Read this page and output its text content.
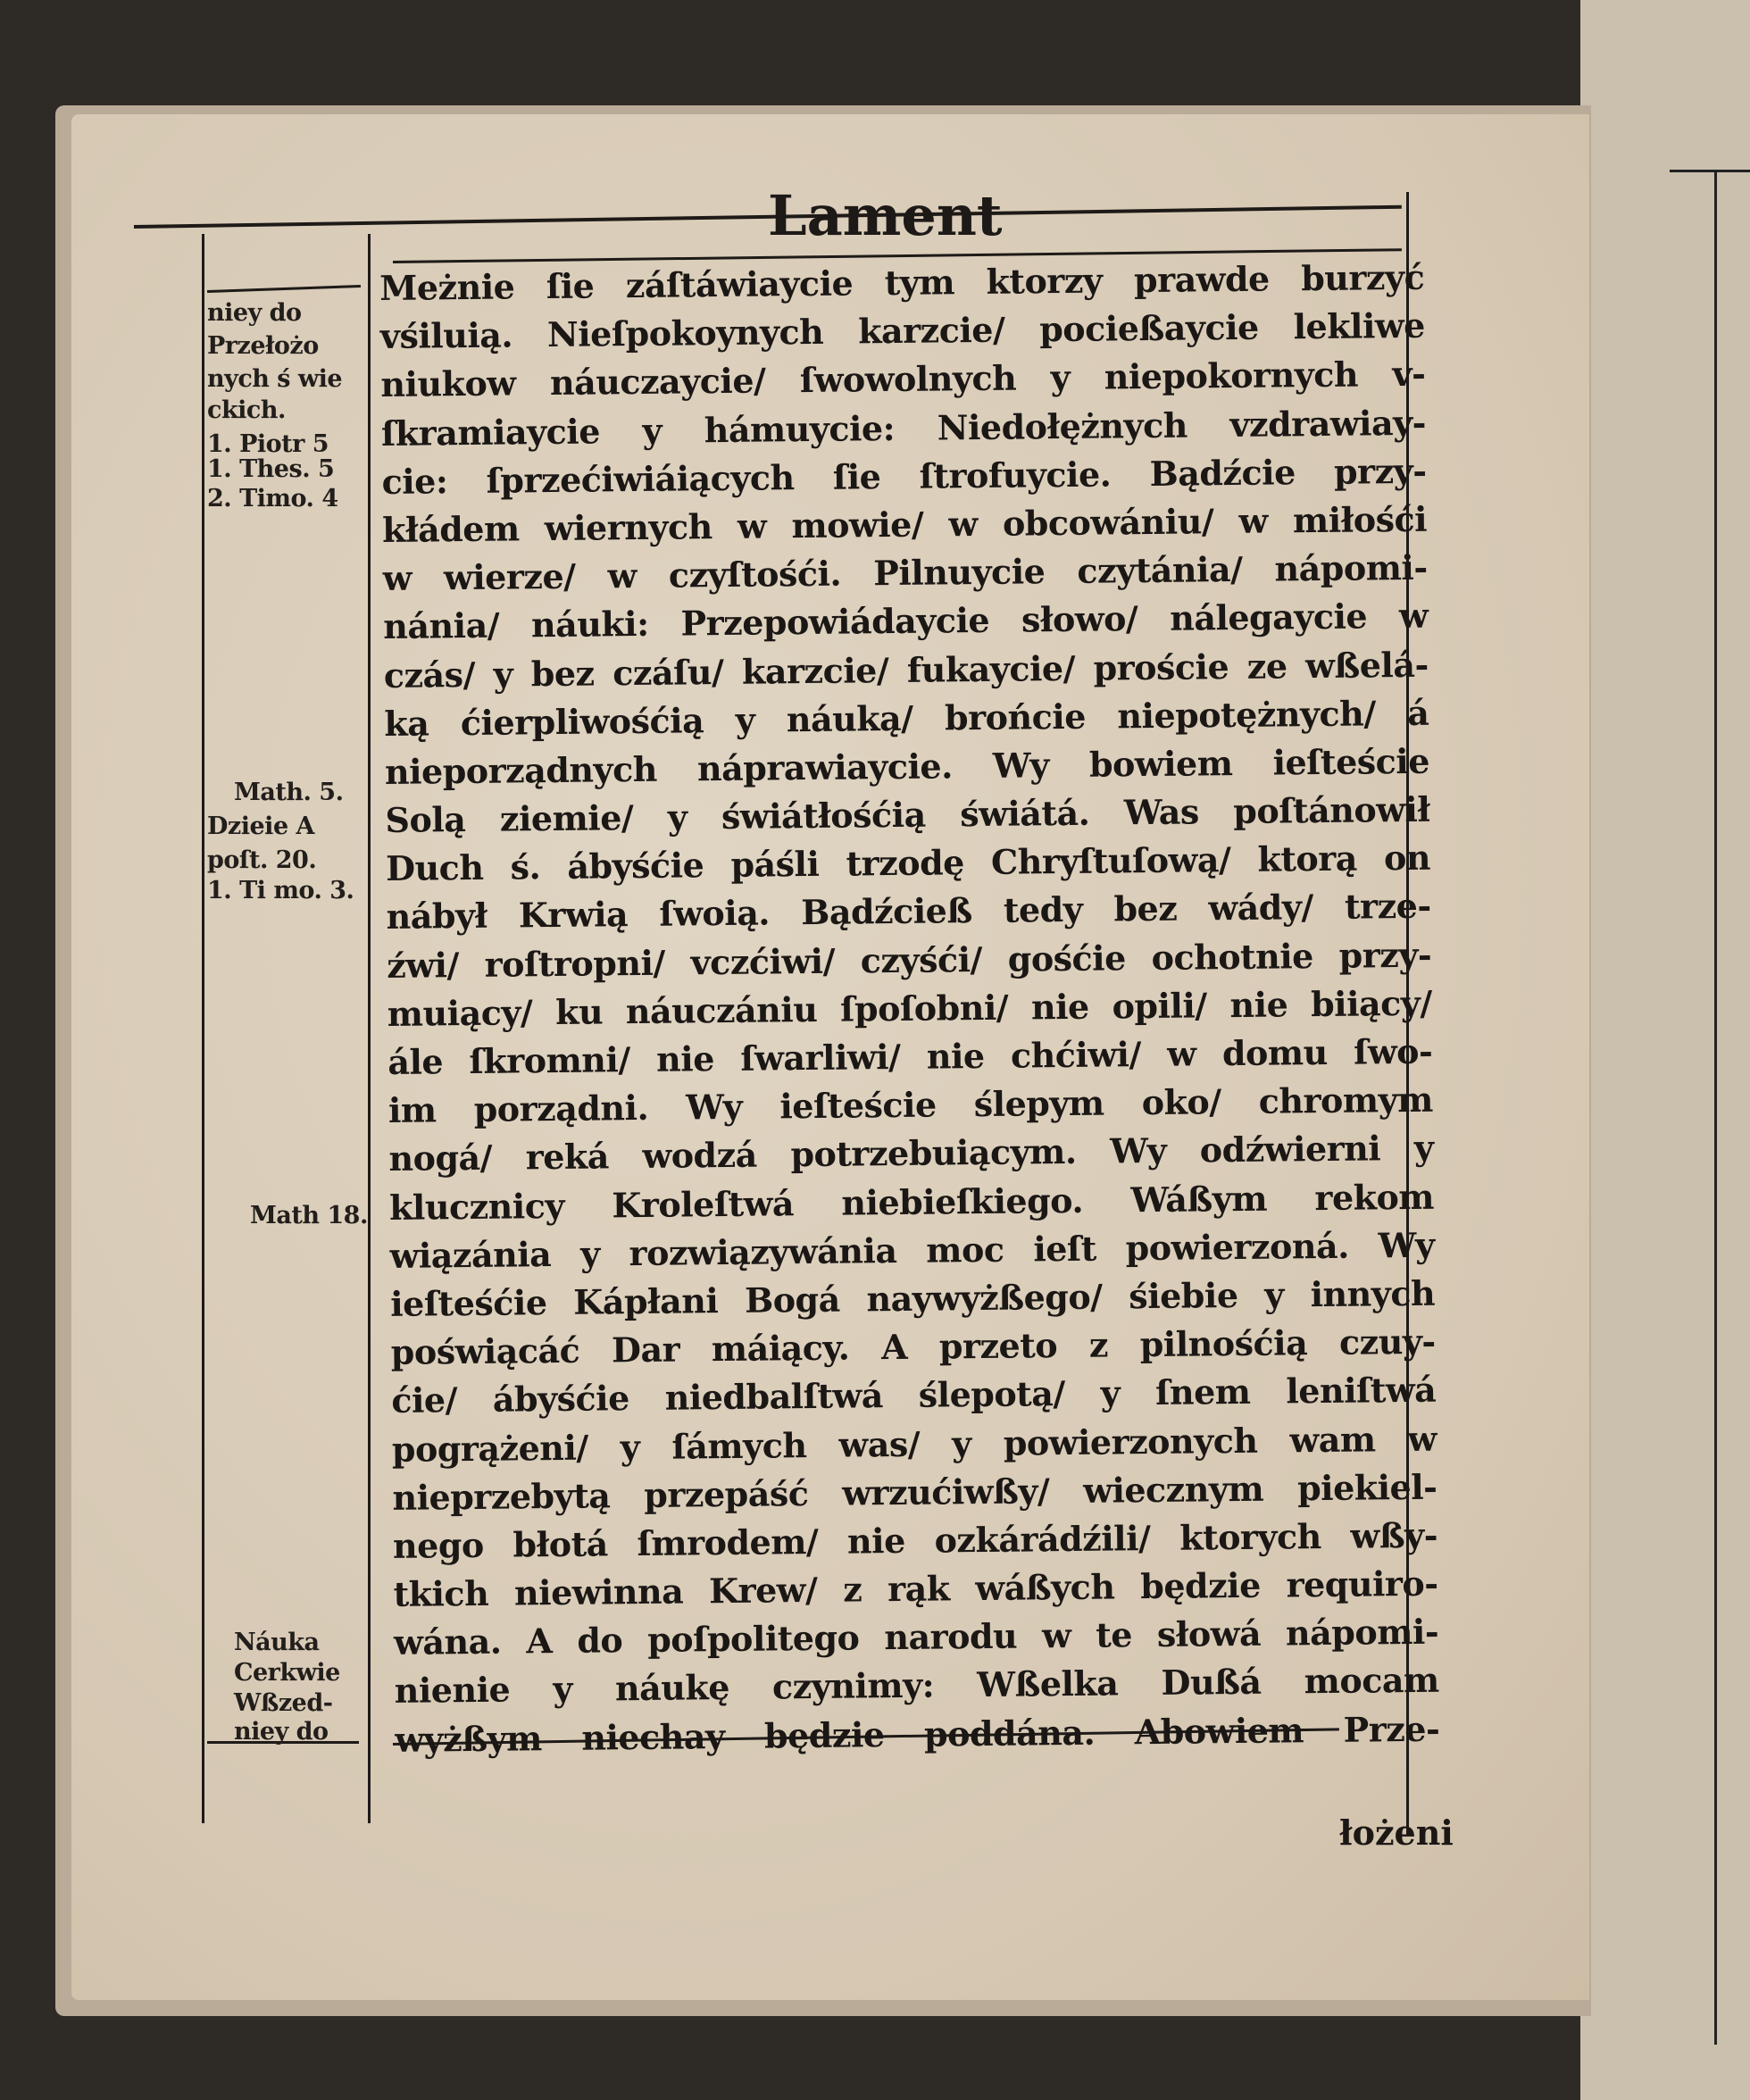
Lament
Meżnie ſie záſtáwiaycie tym ktorzy prawde burzyć
vśiluią. Nieſpokoynych karzcie/ pocießaycie lekliwe
niukow náuczaycie/ ſwowolnych y niepokornych v-
ſkramiaycie y hámuycie: Niedołężnych vzdrawiay-
cie: ſprzećiwiáiących ſie ſtrofuycie. Bądźcie przy-
kłádem wiernych w mowie/ w obcowániu/ w miłośći
w wierze/ w czyſtośći. Pilnuycie czytánia/ nápomi-
nánia/ náuki: Przepowiádaycie słowo/ nálegaycie w
czás/ y bez czáſu/ karzcie/ fukaycie/ proście ze wßelá-
ką ćierpliwośćią y náuką/ brońcie niepotężnych/ á
nieporządnych náprawiaycie. Wy bowiem ieſteście
Solą ziemie/ y świátłośćią świátá. Was poſtánowił
Duch ś. ábyśćie páśli trzodę Chryſtuſową/ ktorą on
nábył Krwią ſwoią. Bądźcieß tedy bez wády/ trze-
źwi/ roſtropni/ vczćiwi/ czyśći/ gośćie ochotnie przy-
muiący/ ku náuczániu ſpoſobni/ nie opili/ nie biiący/
ále ſkromni/ nie ſwarliwi/ nie chćiwi/ w domu ſwo-
im porządni. Wy ieſteście ślepym oko/ chromym
nogá/ reká wodzá potrzebuiącym. Wy odźwierni y
klucznicy Kroleſtwá niebieſkiego. Wáßym rekom
wiązánia y rozwiązywánia moc ieſt powierzoná. Wy
ieſteśćie Kápłani Bogá naywyżßego/ śiebie y innych
poświącáć Dar máiący. A przeto z pilnośćią czuy-
ćie/ ábyśćie niedbalſtwá ślepotą/ y ſnem leniſtwá
pogrążeni/ y ſámych was/ y powierzonych wam w
nieprzebytą przepáść wrzućiwßy/ wiecznym piekiel-
nego błotá ſmrodem/ nie ozkárádźili/ ktorych wßy-
tkich niewinna Krew/ z rąk wáßych będzie requiro-
wána. A do poſpolitego narodu w te słowá nápomi-
nienie y náukę czynimy: Wßelka Dußá mocam
wyżßym niechay będzie poddána. Abowiem Prze-
łożeni
niey do
Przełożo
nych ś wie
ckich.
1. Piotr 5
1. Thes. 5
2. Timo. 4
Math. 5.
Dzieie A
poſt. 20.
1. Ti mo. 3.
Math 18.
Náuka
Cerkwie
Wßzed-
niey do
